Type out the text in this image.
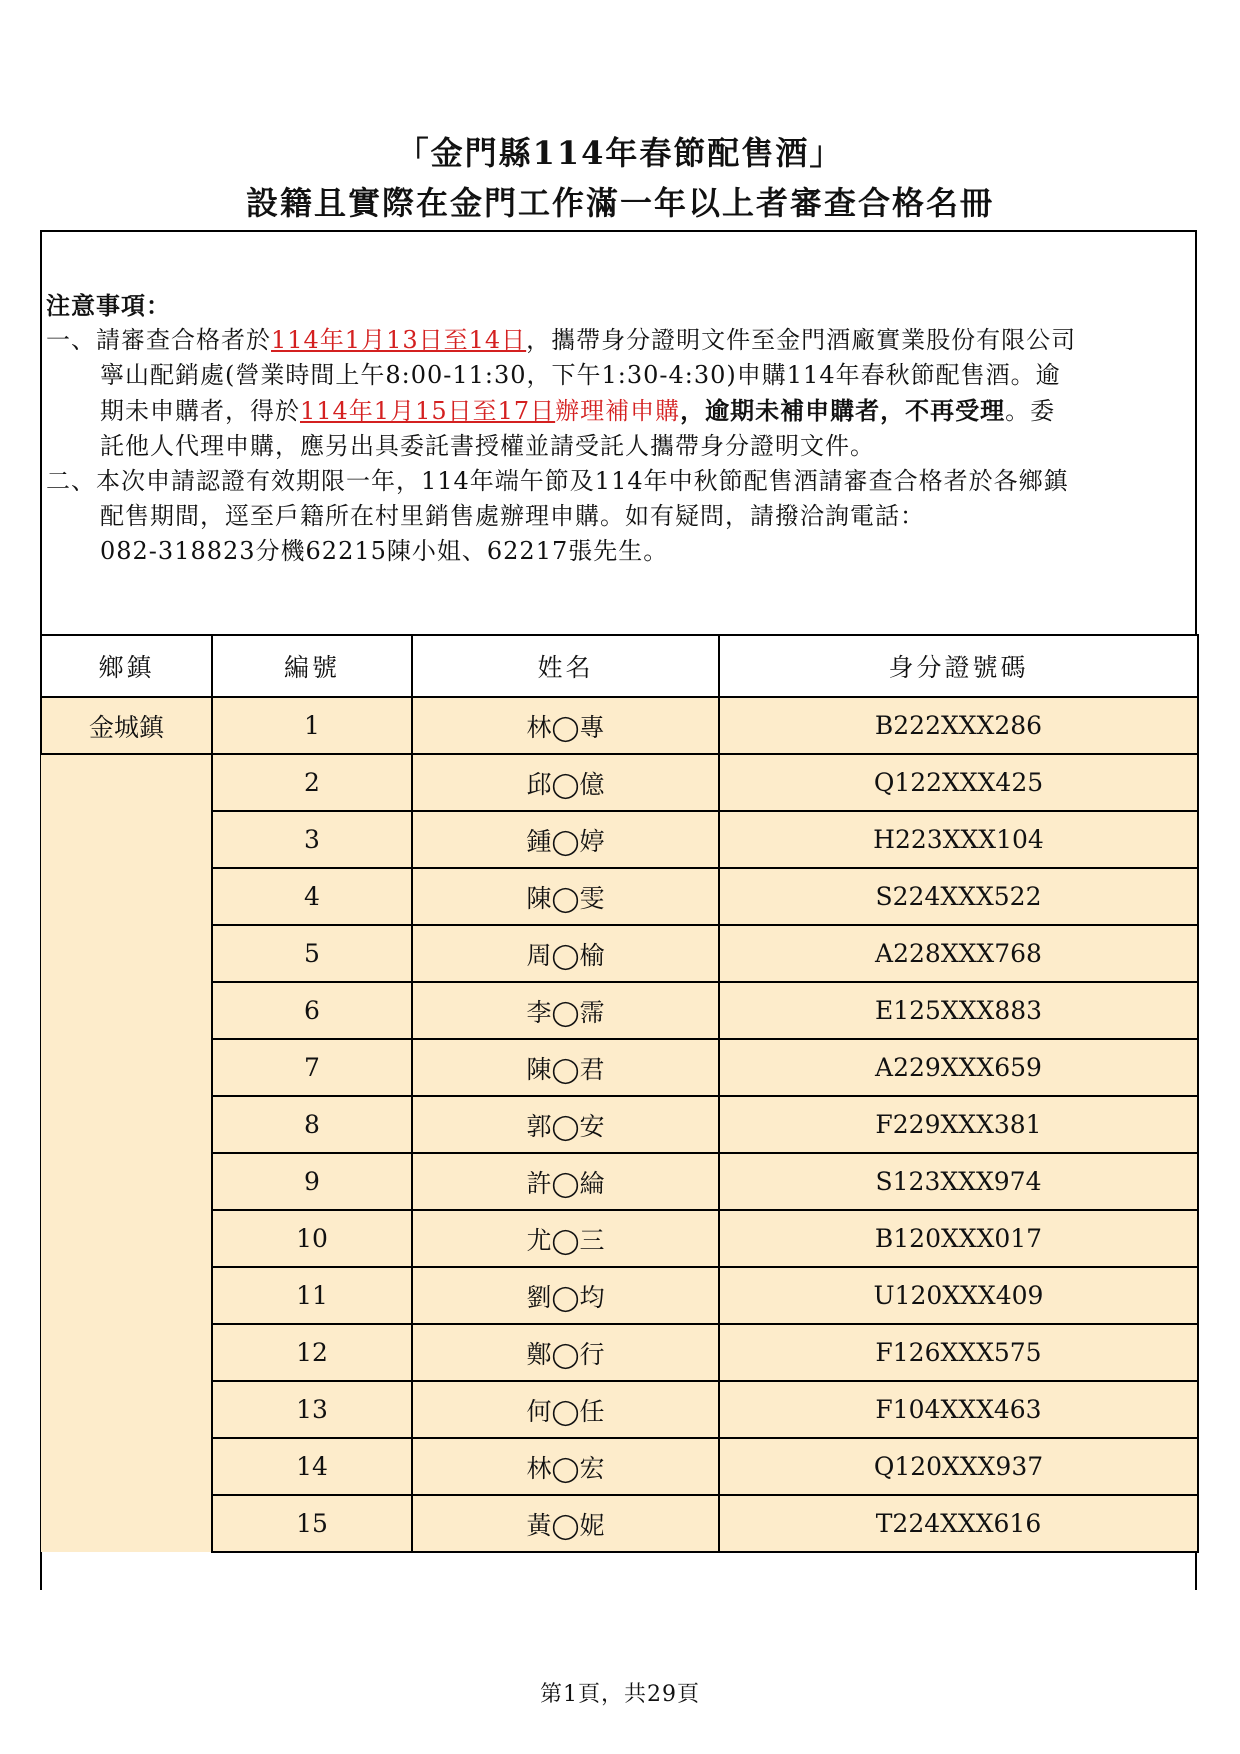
「金門縣114年春節配售酒」
設籍且實際在金門工作滿一年以上者審查合格名冊
注意事項：
一、請審查合格者於114年1月13日至14日，攜帶身分證明文件至金門酒廠實業股份有限公司
寧山配銷處(營業時間上午8:00-11:30，下午1:30-4:30)申購114年春秋節配售酒。逾
期未申購者，得於114年1月15日至17日辦理補申購，逾期未補申購者，不再受理。委
託他人代理申購，應另出具委託書授權並請受託人攜帶身分證明文件。
二、本次申請認證有效期限一年，114年端午節及114年中秋節配售酒請審查合格者於各鄉鎮
配售期間，逕至戶籍所在村里銷售處辦理申購。如有疑問，請撥洽詢電話：
082-318823分機62215陳小姐、62217張先生。
鄉鎮	編號	姓名	身分證號碼
金城鎮	1	林◯專	B222XXX286
	2	邱◯億	Q122XXX425
	3	鍾◯婷	H223XXX104
	4	陳◯雯	S224XXX522
	5	周◯榆	A228XXX768
	6	李◯霈	E125XXX883
	7	陳◯君	A229XXX659
	8	郭◯安	F229XXX381
	9	許◯綸	S123XXX974
	10	尤◯三	B120XXX017
	11	劉◯均	U120XXX409
	12	鄭◯行	F126XXX575
	13	何◯任	F104XXX463
	14	林◯宏	Q120XXX937
	15	黃◯妮	T224XXX616
第1頁，共29頁
